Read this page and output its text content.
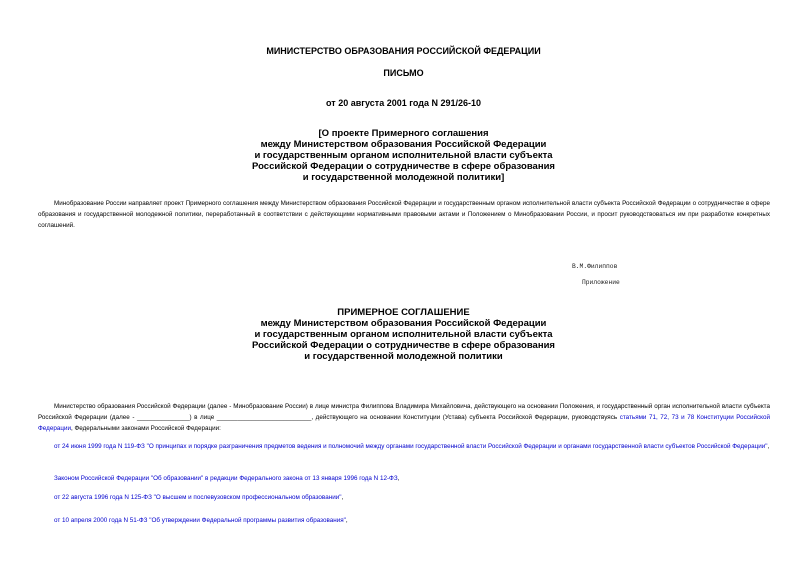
МИНИСТЕРСТВО ОБРАЗОВАНИЯ РОССИЙСКОЙ ФЕДЕРАЦИИ
ПИСЬМО
от 20 августа 2001 года N 291/26-10
[О проекте Примерного соглашения
между Министерством образования Российской Федерации
и государственным органом исполнительной власти субъекта
Российской Федерации о сотрудничестве в сфере образования
и государственной молодежной политики]
Минобразование России направляет проект Примерного соглашения между Министерством образования Российской Федерации и государственным органом исполнительной власти субъекта Российской Федерации о сотрудничестве в сфере образования и государственной молодежной политики, переработанный в соответствии с действующими нормативными правовыми актами и Положением о Минобразовании России, и просит руководствоваться им при разработке конкретных соглашений.
В.М.Филиппов
Приложение
ПРИМЕРНОЕ СОГЛАШЕНИЕ
между Министерством образования Российской Федерации
и государственным органом исполнительной власти субъекта
Российской Федерации о сотрудничестве в сфере образования
и государственной молодежной политики
Министерство образования Российской Федерации (далее - Минобразование России) в лице министра Филиппова Владимира Михайловича, действующего на основании Положения, и государственный орган исполнительной власти субъекта Российской Федерации (далее - _______________) в лице ___________________________, действующего на основании Конституции (Устава) субъекта Российской Федерации, руководствуясь статьями 71, 72, 73 и 78 Конституции Российской Федерации, Федеральными законами Российской Федерации:
от 24 июня 1999 года N 119-ФЗ "О принципах и порядке разграничения предметов ведения и полномочий между органами государственной власти Российской Федерации и органами государственной власти субъектов Российской Федерации",
Законом Российской Федерации "Об образовании" в редакции Федерального закона от 13 января 1996 года N 12-ФЗ,
от 22 августа 1996 года N 125-ФЗ "О высшем и послевузовском профессиональном образовании",
от 10 апреля 2000 года N 51-ФЗ "Об утверждении Федеральной программы развития образования",
